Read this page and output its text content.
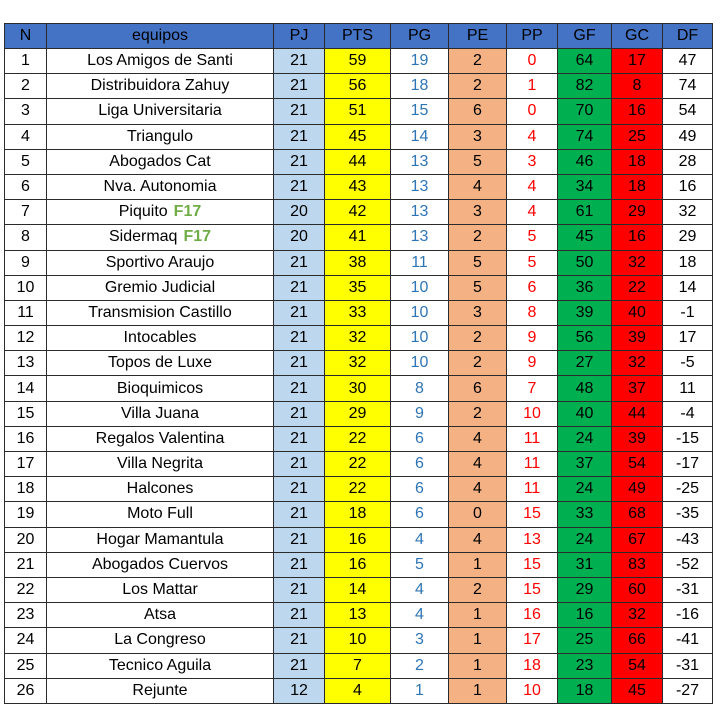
N	equipos	PJ	PTS	PG	PE	PP	GF	GC	DF
1	Los Amigos de Santi	21	59	19	2	0	64	17	47
2	Distribuidora Zahuy	21	56	18	2	1	82	8	74
3	Liga Universitaria	21	51	15	6	0	70	16	54
4	Triangulo	21	45	14	3	4	74	25	49
5	Abogados Cat	21	44	13	5	3	46	18	28
6	Nva. Autonomia	21	43	13	4	4	34	18	16
7	Piquito F17	20	42	13	3	4	61	29	32
8	Sidermaq F17	20	41	13	2	5	45	16	29
9	Sportivo Araujo	21	38	11	5	5	50	32	18
10	Gremio Judicial	21	35	10	5	6	36	22	14
11	Transmision Castillo	21	33	10	3	8	39	40	-1
12	Intocables	21	32	10	2	9	56	39	17
13	Topos de Luxe	21	32	10	2	9	27	32	-5
14	Bioquimicos	21	30	8	6	7	48	37	11
15	Villa Juana	21	29	9	2	10	40	44	-4
16	Regalos Valentina	21	22	6	4	11	24	39	-15
17	Villa Negrita	21	22	6	4	11	37	54	-17
18	Halcones	21	22	6	4	11	24	49	-25
19	Moto Full	21	18	6	0	15	33	68	-35
20	Hogar Mamantula	21	16	4	4	13	24	67	-43
21	Abogados Cuervos	21	16	5	1	15	31	83	-52
22	Los Mattar	21	14	4	2	15	29	60	-31
23	Atsa	21	13	4	1	16	16	32	-16
24	La Congreso	21	10	3	1	17	25	66	-41
25	Tecnico Aguila	21	7	2	1	18	23	54	-31
26	Rejunte	12	4	1	1	10	18	45	-27
